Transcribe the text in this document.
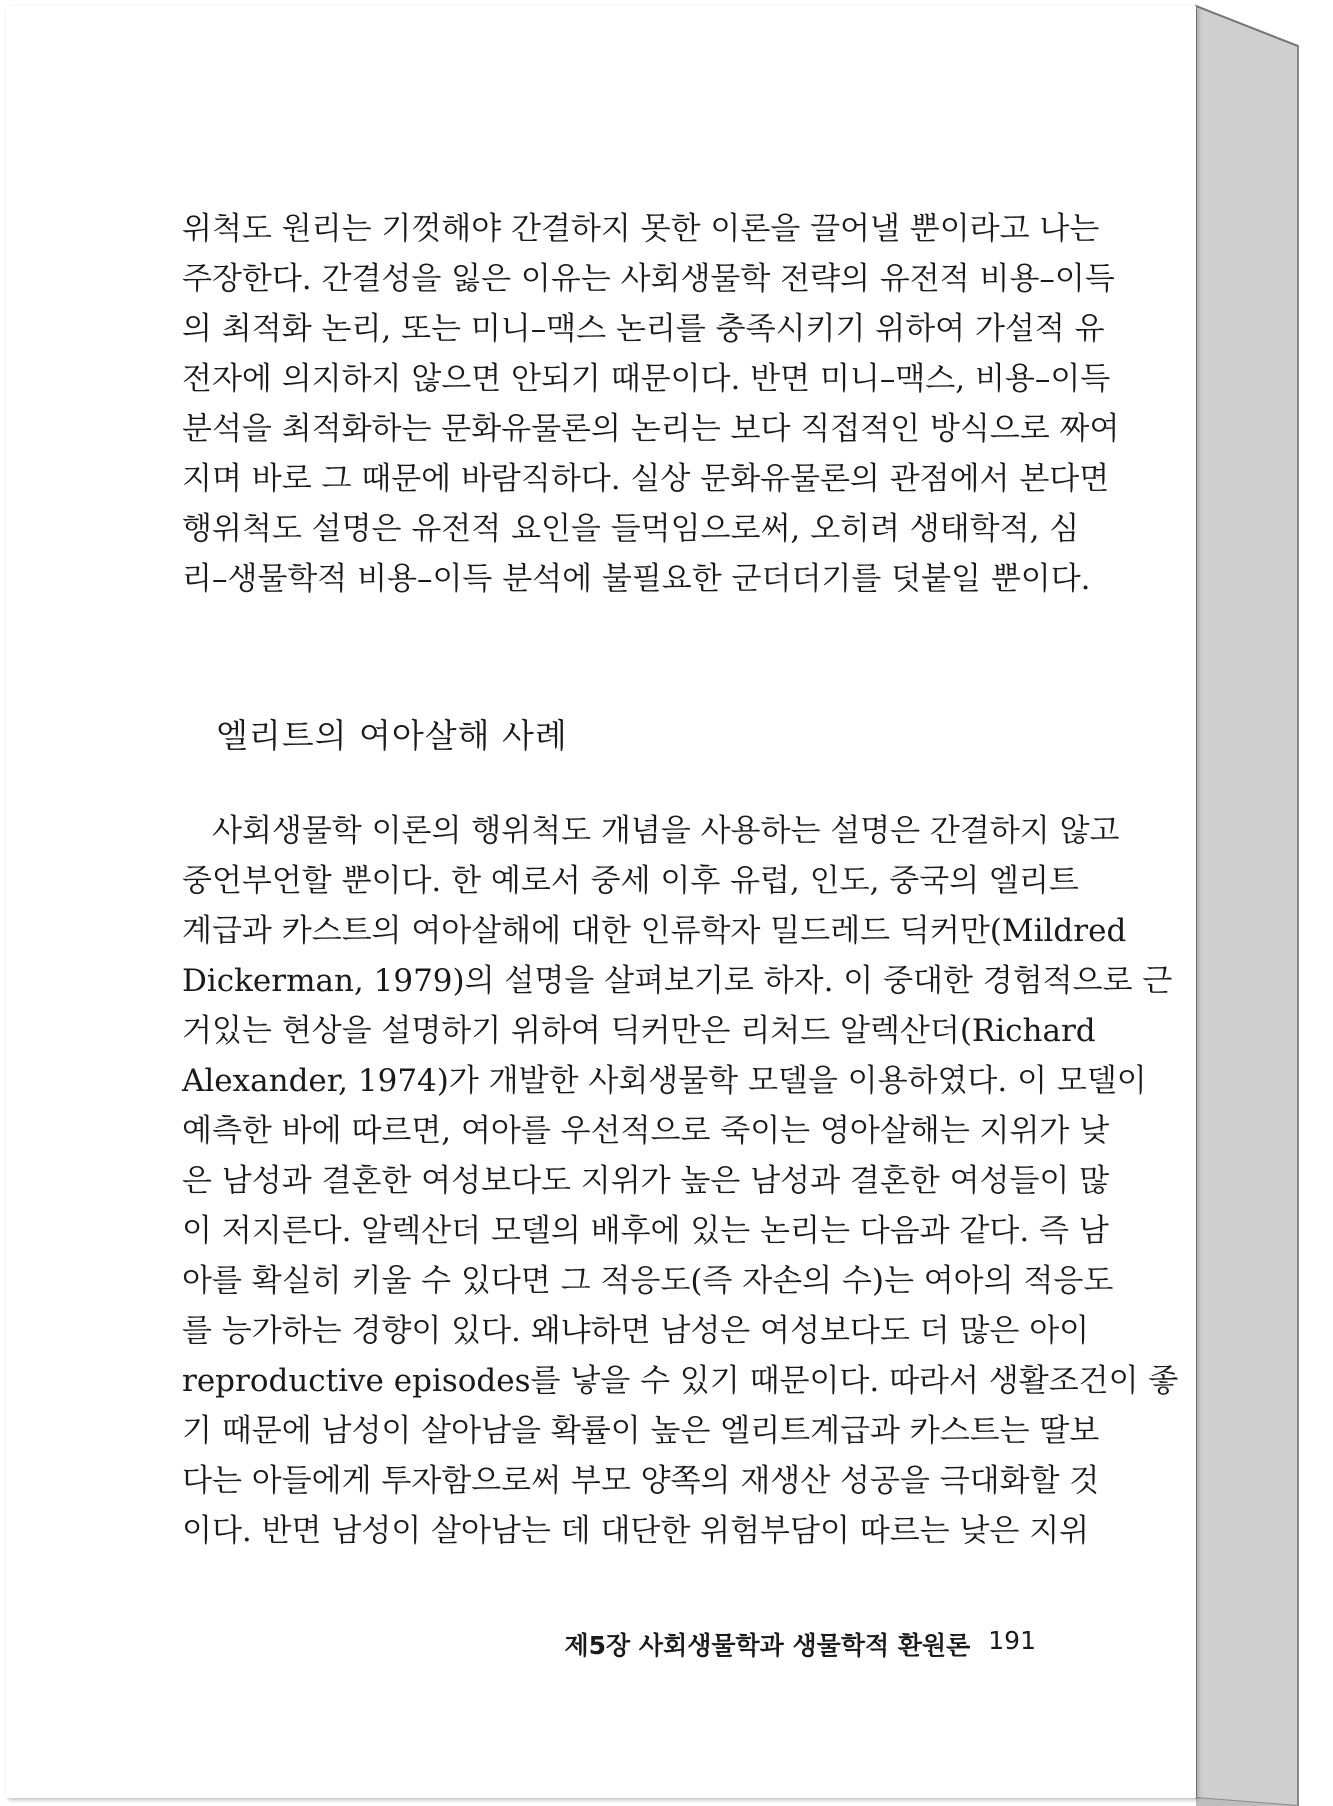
위척도 원리는 기껏해야 간결하지 못한 이론을 끌어낼 뿐이라고 나는
주장한다. 간결성을 잃은 이유는 사회생물학 전략의 유전적 비용–이득
의 최적화 논리, 또는 미니–맥스 논리를 충족시키기 위하여 가설적 유
전자에 의지하지 않으면 안되기 때문이다. 반면 미니–맥스, 비용–이득
분석을 최적화하는 문화유물론의 논리는 보다 직접적인 방식으로 짜여
지며 바로 그 때문에 바람직하다. 실상 문화유물론의 관점에서 본다면
행위척도 설명은 유전적 요인을 들먹임으로써, 오히려 생태학적, 심
리–생물학적 비용–이득 분석에 불필요한 군더더기를 덧붙일 뿐이다.
엘리트의 여아살해 사례
사회생물학 이론의 행위척도 개념을 사용하는 설명은 간결하지 않고
중언부언할 뿐이다. 한 예로서 중세 이후 유럽, 인도, 중국의 엘리트
계급과 카스트의 여아살해에 대한 인류학자 밀드레드 딕커만(Mildred
Dickerman, 1979)의 설명을 살펴보기로 하자. 이 중대한 경험적으로 근
거있는 현상을 설명하기 위하여 딕커만은 리처드 알렉산더(Richard
Alexander, 1974)가 개발한 사회생물학 모델을 이용하였다. 이 모델이
예측한 바에 따르면, 여아를 우선적으로 죽이는 영아살해는 지위가 낮
은 남성과 결혼한 여성보다도 지위가 높은 남성과 결혼한 여성들이 많
이 저지른다. 알렉산더 모델의 배후에 있는 논리는 다음과 같다. 즉 남
아를 확실히 키울 수 있다면 그 적응도(즉 자손의 수)는 여아의 적응도
를 능가하는 경향이 있다. 왜냐하면 남성은 여성보다도 더 많은 아이
reproductive episodes를 낳을 수 있기 때문이다. 따라서 생활조건이 좋
기 때문에 남성이 살아남을 확률이 높은 엘리트계급과 카스트는 딸보
다는 아들에게 투자함으로써 부모 양쪽의 재생산 성공을 극대화할 것
이다. 반면 남성이 살아남는 데 대단한 위험부담이 따르는 낮은 지위
제5장 사회생물학과 생물학적 환원론 191
